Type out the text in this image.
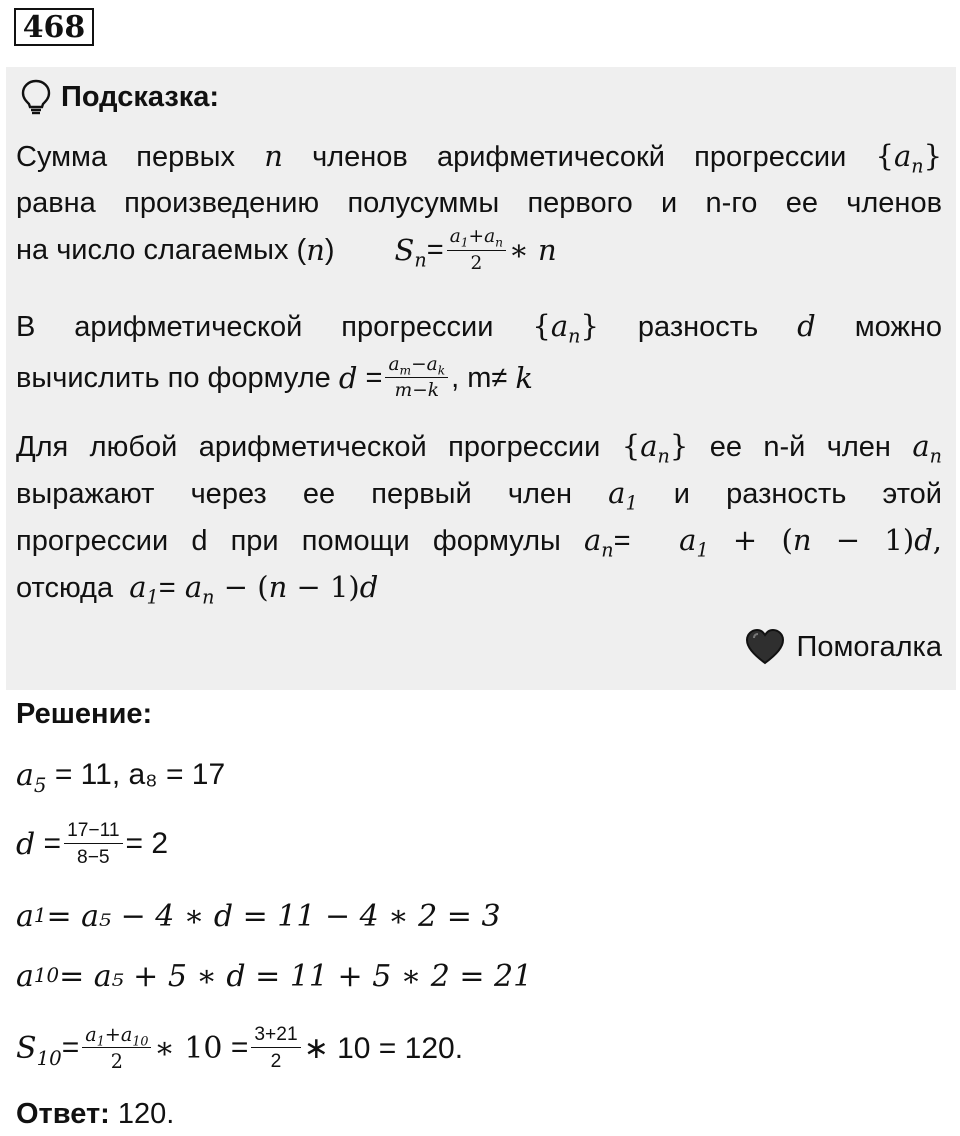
468
Подсказка:
Сумма первых n членов арифметичесокй прогрессии $\{a_n\}$
равна произведению полусуммы первого и n-го ее членов
на число слагаемых ( n ) $S_n = \frac{a_1+a_n}{2}$ ∗ n
В арифметической прогрессии $\{a_n\}$ разность d можно
вычислить по формуле
$d = \frac{a_m-a_k}{m-k}$ , m≠
k
Для любой арифметической прогрессии $\{a_n\}$ ее n-й член $a_n$
выражают через ее первый член $a_1$ и разность этой
прогрессии d при помощи формулы $a_n= a_1 + (n - 1)d$,
отсюда $a_1= a_n - (n - 1)d$
Помогалка
Решение:
$a_5$
= 11, a₈ = 17
$d = \frac{17-11}{8-5} = 2$
a 1 = a₅ − 4 ∗ d = 11 − 4 ∗ 2 = 3
a 10 = a₅ + 5 ∗ d = 11 + 5 ∗ 2 = 21
$S_{10} = \frac{a_1+a_{10}}{2}$ ∗ $10 = \frac{3+21}{2}$ ∗ 10 = 120.
Ответ: 120.
